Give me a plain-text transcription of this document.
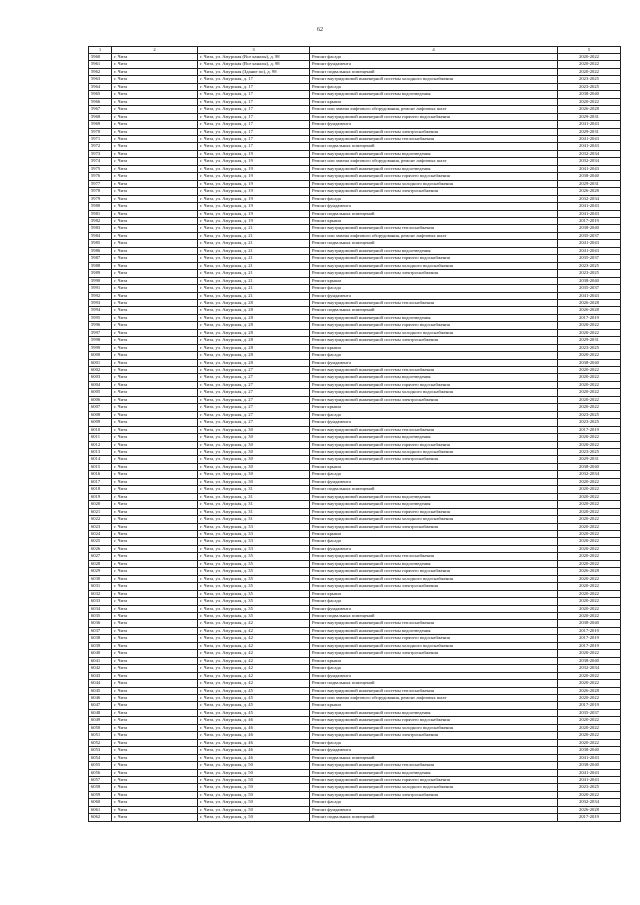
62
1	2	3	4	5
5960	г. Чита	г. Чита, ул. Амурская (Все каналы), д. 98	Ремонт фасада	2020-2022
5961	г. Чита	г. Чита, ул. Амурская (Все каналы), д. 98	Ремонт фундамента	2020-2022
5962	г. Чита	г. Чита, ул. Амурская (Здание по), д. 98	Ремонт подвальных помещений	2020-2022
5963	г. Чита	г. Чита, ул. Амурская, д. 17	Ремонт внутридомовой инженерной системы холодного водоснабжения	2023-2025
5964	г. Чита	г. Чита, ул. Амурская, д. 17	Ремонт фасада	2023-2025
5965	г. Чита	г. Чита, ул. Амурская, д. 17	Ремонт внутридомовой инженерной системы водоотведения	2038-2040
5966	г. Чита	г. Чита, ул. Амурская, д. 17	Ремонт крыши	2020-2022
5967	г. Чита	г. Чита, ул. Амурская, д. 17	Ремонт или замена лифтового оборудования, ремонт лифтовых шахт	2026-2028
5968	г. Чита	г. Чита, ул. Амурская, д. 17	Ремонт внутридомовой инженерной системы горячего водоснабжения	2029-2031
5969	г. Чита	г. Чита, ул. Амурская, д. 17	Ремонт фундамента	2041-2043
5970	г. Чита	г. Чита, ул. Амурская, д. 17	Ремонт внутридомовой инженерной системы электроснабжения	2029-2031
5971	г. Чита	г. Чита, ул. Амурская, д. 17	Ремонт внутридомовой инженерной системы теплоснабжения	2041-2043
5972	г. Чита	г. Чита, ул. Амурская, д. 17	Ремонт подвальных помещений	2041-2043
5973	г. Чита	г. Чита, ул. Амурская, д. 19	Ремонт внутридомовой инженерной системы водоотведения	2032-2034
5974	г. Чита	г. Чита, ул. Амурская, д. 19	Ремонт или замена лифтового оборудования, ремонт лифтовых шахт	2032-2034
5975	г. Чита	г. Чита, ул. Амурская, д. 19	Ремонт внутридомовой инженерной системы водоотведения	2041-2043
5976	г. Чита	г. Чита, ул. Амурская, д. 19	Ремонт внутридомовой инженерной системы горячего водоснабжения	2038-2040
5977	г. Чита	г. Чита, ул. Амурская, д. 19	Ремонт внутридомовой инженерной системы холодного водоснабжения	2029-2031
5978	г. Чита	г. Чита, ул. Амурская, д. 19	Ремонт внутридомовой инженерной системы электроснабжения	2026-2028
5979	г. Чита	г. Чита, ул. Амурская, д. 19	Ремонт фасада	2032-2034
5980	г. Чита	г. Чита, ул. Амурская, д. 19	Ремонт фундамента	2041-2043
5981	г. Чита	г. Чита, ул. Амурская, д. 19	Ремонт подвальных помещений	2041-2043
5982	г. Чита	г. Чита, ул. Амурская, д. 19	Ремонт крыши	2017-2019
5983	г. Чита	г. Чита, ул. Амурская, д. 21	Ремонт внутридомовой инженерной системы теплоснабжения	2038-2040
5984	г. Чита	г. Чита, ул. Амурская, д. 21	Ремонт или замена лифтового оборудования, ремонт лифтовых шахт	2035-2037
5985	г. Чита	г. Чита, ул. Амурская, д. 21	Ремонт подвальных помещений	2041-2043
5986	г. Чита	г. Чита, ул. Амурская, д. 21	Ремонт внутридомовой инженерной системы водоотведения	2041-2043
5987	г. Чита	г. Чита, ул. Амурская, д. 21	Ремонт внутридомовой инженерной системы горячего водоснабжения	2035-2037
5988	г. Чита	г. Чита, ул. Амурская, д. 21	Ремонт внутридомовой инженерной системы холодного водоснабжения	2023-2025
5989	г. Чита	г. Чита, ул. Амурская, д. 21	Ремонт внутридомовой инженерной системы электроснабжения	2023-2025
5990	г. Чита	г. Чита, ул. Амурская, д. 21	Ремонт крыши	2038-2040
5991	г. Чита	г. Чита, ул. Амурская, д. 21	Ремонт фасада	2035-2037
5992	г. Чита	г. Чита, ул. Амурская, д. 21	Ремонт фундамента	2041-2043
5993	г. Чита	г. Чита, ул. Амурская, д. 28	Ремонт внутридомовой инженерной системы теплоснабжения	2026-2028
5994	г. Чита	г. Чита, ул. Амурская, д. 28	Ремонт подвальных помещений	2026-2028
5995	г. Чита	г. Чита, ул. Амурская, д. 28	Ремонт внутридомовой инженерной системы водоотведения	2017-2019
5996	г. Чита	г. Чита, ул. Амурская, д. 28	Ремонт внутридомовой инженерной системы горячего водоснабжения	2020-2022
5997	г. Чита	г. Чита, ул. Амурская, д. 28	Ремонт внутридомовой инженерной системы холодного водоснабжения	2020-2022
5998	г. Чита	г. Чита, ул. Амурская, д. 28	Ремонт внутридомовой инженерной системы электроснабжения	2029-2031
5999	г. Чита	г. Чита, ул. Амурская, д. 28	Ремонт крыши	2023-2025
6000	г. Чита	г. Чита, ул. Амурская, д. 28	Ремонт фасада	2020-2022
6001	г. Чита	г. Чита, ул. Амурская, д. 28	Ремонт фундамента	2038-2040
6002	г. Чита	г. Чита, ул. Амурская, д. 27	Ремонт внутридомовой инженерной системы теплоснабжения	2020-2022
6003	г. Чита	г. Чита, ул. Амурская, д. 27	Ремонт внутридомовой инженерной системы водоотведения	2020-2022
6004	г. Чита	г. Чита, ул. Амурская, д. 27	Ремонт внутридомовой инженерной системы горячего водоснабжения	2020-2022
6005	г. Чита	г. Чита, ул. Амурская, д. 27	Ремонт внутридомовой инженерной системы холодного водоснабжения	2020-2022
6006	г. Чита	г. Чита, ул. Амурская, д. 27	Ремонт внутридомовой инженерной системы электроснабжения	2020-2022
6007	г. Чита	г. Чита, ул. Амурская, д. 27	Ремонт крыши	2020-2022
6008	г. Чита	г. Чита, ул. Амурская, д. 27	Ремонт фасада	2023-2025
6009	г. Чита	г. Чита, ул. Амурская, д. 27	Ремонт фундамента	2023-2025
6010	г. Чита	г. Чита, ул. Амурская, д. 30	Ремонт внутридомовой инженерной системы теплоснабжения	2017-2019
6011	г. Чита	г. Чита, ул. Амурская, д. 30	Ремонт внутридомовой инженерной системы водоотведения	2020-2022
6012	г. Чита	г. Чита, ул. Амурская, д. 30	Ремонт внутридомовой инженерной системы горячего водоснабжения	2020-2022
6013	г. Чита	г. Чита, ул. Амурская, д. 30	Ремонт внутридомовой инженерной системы холодного водоснабжения	2023-2025
6014	г. Чита	г. Чита, ул. Амурская, д. 30	Ремонт внутридомовой инженерной системы электроснабжения	2029-2031
6015	г. Чита	г. Чита, ул. Амурская, д. 30	Ремонт крыши	2038-2040
6016	г. Чита	г. Чита, ул. Амурская, д. 30	Ремонт фасада	2032-2034
6017	г. Чита	г. Чита, ул. Амурская, д. 30	Ремонт фундамента	2020-2022
6018	г. Чита	г. Чита, ул. Амурская, д. 31	Ремонт подвальных помещений	2020-2022
6019	г. Чита	г. Чита, ул. Амурская, д. 31	Ремонт внутридомовой инженерной системы водоотведения	2020-2022
6020	г. Чита	г. Чита, ул. Амурская, д. 31	Ремонт внутридомовой инженерной системы водоотведения	2020-2022
6021	г. Чита	г. Чита, ул. Амурская, д. 31	Ремонт внутридомовой инженерной системы горячего водоснабжения	2020-2022
6022	г. Чита	г. Чита, ул. Амурская, д. 31	Ремонт внутридомовой инженерной системы холодного водоснабжения	2020-2022
6023	г. Чита	г. Чита, ул. Амурская, д. 33	Ремонт внутридомовой инженерной системы электроснабжения	2020-2022
6024	г. Чита	г. Чита, ул. Амурская, д. 33	Ремонт крыши	2020-2022
6025	г. Чита	г. Чита, ул. Амурская, д. 33	Ремонт фасада	2020-2022
6026	г. Чита	г. Чита, ул. Амурская, д. 33	Ремонт фундамента	2020-2022
6027	г. Чита	г. Чита, ул. Амурская, д. 35	Ремонт внутридомовой инженерной системы теплоснабжения	2020-2022
6028	г. Чита	г. Чита, ул. Амурская, д. 35	Ремонт внутридомовой инженерной системы водоотведения	2020-2022
6029	г. Чита	г. Чита, ул. Амурская, д. 35	Ремонт внутридомовой инженерной системы горячего водоснабжения	2026-2028
6030	г. Чита	г. Чита, ул. Амурская, д. 35	Ремонт внутридомовой инженерной системы холодного водоснабжения	2020-2022
6031	г. Чита	г. Чита, ул. Амурская, д. 35	Ремонт внутридомовой инженерной системы электроснабжения	2020-2022
6032	г. Чита	г. Чита, ул. Амурская, д. 35	Ремонт крыши	2020-2022
6033	г. Чита	г. Чита, ул. Амурская, д. 35	Ремонт фасада	2020-2022
6034	г. Чита	г. Чита, ул. Амурская, д. 35	Ремонт фундамента	2020-2022
6035	г. Чита	г. Чита, ул. Амурская, д. 35	Ремонт подвальных помещений	2020-2022
6036	г. Чита	г. Чита, ул. Амурская, д. 42	Ремонт внутридомовой инженерной системы теплоснабжения	2038-2040
6037	г. Чита	г. Чита, ул. Амурская, д. 42	Ремонт внутридомовой инженерной системы водоотведения	2017-2019
6038	г. Чита	г. Чита, ул. Амурская, д. 42	Ремонт внутридомовой инженерной системы горячего водоснабжения	2017-2019
6039	г. Чита	г. Чита, ул. Амурская, д. 42	Ремонт внутридомовой инженерной системы холодного водоснабжения	2017-2019
6040	г. Чита	г. Чита, ул. Амурская, д. 42	Ремонт внутридомовой инженерной системы электроснабжения	2020-2022
6041	г. Чита	г. Чита, ул. Амурская, д. 42	Ремонт крыши	2038-2040
6042	г. Чита	г. Чита, ул. Амурская, д. 42	Ремонт фасада	2032-2034
6043	г. Чита	г. Чита, ул. Амурская, д. 42	Ремонт фундамента	2020-2022
6044	г. Чита	г. Чита, ул. Амурская, д. 42	Ремонт подвальных помещений	2020-2022
6045	г. Чита	г. Чита, ул. Амурская, д. 45	Ремонт внутридомовой инженерной системы теплоснабжения	2026-2028
6046	г. Чита	г. Чита, ул. Амурская, д. 45	Ремонт или замена лифтового оборудования, ремонт лифтовых шахт	2020-2022
6047	г. Чита	г. Чита, ул. Амурская, д. 45	Ремонт крыши	2017-2019
6048	г. Чита	г. Чита, ул. Амурская, д. 45	Ремонт внутридомовой инженерной системы водоотведения	2035-2037
6049	г. Чита	г. Чита, ул. Амурская, д. 46	Ремонт внутридомовой инженерной системы горячего водоснабжения	2020-2022
6050	г. Чита	г. Чита, ул. Амурская, д. 46	Ремонт внутридомовой инженерной системы холодного водоснабжения	2020-2022
6051	г. Чита	г. Чита, ул. Амурская, д. 46	Ремонт внутридомовой инженерной системы электроснабжения	2020-2022
6052	г. Чита	г. Чита, ул. Амурская, д. 46	Ремонт фасада	2020-2022
6053	г. Чита	г. Чита, ул. Амурская, д. 46	Ремонт фундамента	2038-2040
6054	г. Чита	г. Чита, ул. Амурская, д. 46	Ремонт подвальных помещений	2041-2043
6055	г. Чита	г. Чита, ул. Амурская, д. 50	Ремонт внутридомовой инженерной системы теплоснабжения	2038-2040
6056	г. Чита	г. Чита, ул. Амурская, д. 50	Ремонт внутридомовой инженерной системы водоотведения	2041-2043
6057	г. Чита	г. Чита, ул. Амурская, д. 50	Ремонт внутридомовой инженерной системы горячего водоснабжения	2041-2043
6058	г. Чита	г. Чита, ул. Амурская, д. 50	Ремонт внутридомовой инженерной системы холодного водоснабжения	2023-2025
6059	г. Чита	г. Чита, ул. Амурская, д. 50	Ремонт внутридомовой инженерной системы электроснабжения	2020-2022
6060	г. Чита	г. Чита, ул. Амурская, д. 50	Ремонт фасада	2032-2034
6061	г. Чита	г. Чита, ул. Амурская, д. 50	Ремонт фундамента	2026-2028
6062	г. Чита	г. Чита, ул. Амурская, д. 50	Ремонт подвальных помещений	2017-2019
